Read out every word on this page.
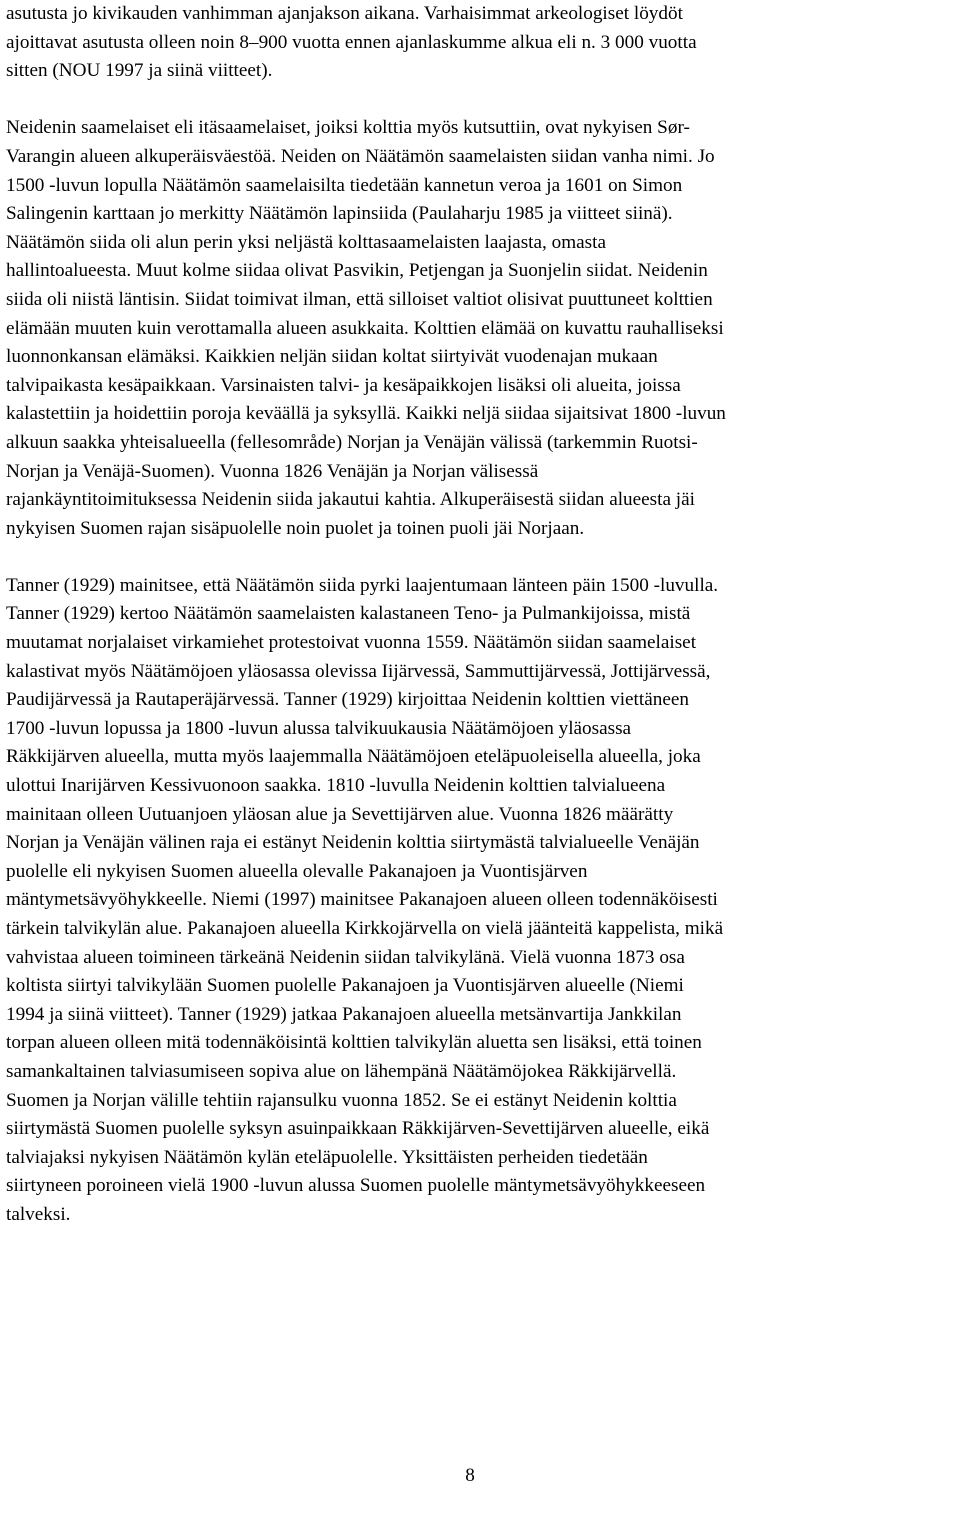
asutusta jo kivikauden vanhimman ajanjakson aikana. Varhaisimmat arkeologiset löydöt
ajoittavat asutusta olleen noin 8–900 vuotta ennen ajanlaskumme alkua eli n. 3 000 vuotta
sitten (NOU 1997 ja siinä viitteet).
Neidenin saamelaiset eli itäsaamelaiset, joiksi kolttia myös kutsuttiin, ovat nykyisen Sør-
Varangin alueen alkuperäisväestöä. Neiden on Näätämön saamelaisten siidan vanha nimi. Jo
1500 -luvun lopulla Näätämön saamelaisilta tiedetään kannetun veroa ja 1601 on Simon
Salingenin karttaan jo merkitty Näätämön lapinsiida (Paulaharju 1985 ja viitteet siinä).
Näätämön siida oli alun perin yksi neljästä kolttasaamelaisten laajasta, omasta
hallintoalueesta. Muut kolme siidaa olivat Pasvikin, Petjengan ja Suonjelin siidat. Neidenin
siida oli niistä läntisin. Siidat toimivat ilman, että silloiset valtiot olisivat puuttuneet kolttien
elämään muuten kuin verottamalla alueen asukkaita. Kolttien elämää on kuvattu rauhalliseksi
luonnonkansan elämäksi. Kaikkien neljän siidan koltat siirtyivät vuodenajan mukaan
talvipaikasta kesäpaikkaan. Varsinaisten talvi- ja kesäpaikkojen lisäksi oli alueita, joissa
kalastettiin ja hoidettiin poroja keväällä ja syksyllä. Kaikki neljä siidaa sijaitsivat 1800 -luvun
alkuun saakka yhteisalueella (fellesområde) Norjan ja Venäjän välissä (tarkemmin Ruotsi-
Norjan ja Venäjä-Suomen). Vuonna 1826 Venäjän ja Norjan välisessä
rajankäyntitoimituksessa Neidenin siida jakautui kahtia. Alkuperäisestä siidan alueesta jäi
nykyisen Suomen rajan sisäpuolelle noin puolet ja toinen puoli jäi Norjaan.
Tanner (1929) mainitsee, että Näätämön siida pyrki laajentumaan länteen päin 1500 -luvulla.
Tanner (1929) kertoo Näätämön saamelaisten kalastaneen Teno- ja Pulmankijoissa, mistä
muutamat norjalaiset virkamiehet protestoivat vuonna 1559. Näätämön siidan saamelaiset
kalastivat myös Näätämöjoen yläosassa olevissa Iijärvessä, Sammuttijärvessä, Jottijärvessä,
Paudijärvessä ja Rautaperäjärvessä. Tanner (1929) kirjoittaa Neidenin kolttien viettäneen
1700 -luvun lopussa ja 1800 -luvun alussa talvikuukausia Näätämöjoen yläosassa
Räkkijärven alueella, mutta myös laajemmalla Näätämöjoen eteläpuoleisella alueella, joka
ulottui Inarijärven Kessivuonoon saakka. 1810 -luvulla Neidenin kolttien talvialueena
mainitaan olleen Uutuanjoen yläosan alue ja Sevettijärven alue. Vuonna 1826 määrätty
Norjan ja Venäjän välinen raja ei estänyt Neidenin kolttia siirtymästä talvialueelle Venäjän
puolelle eli nykyisen Suomen alueella olevalle Pakanajoen ja Vuontisjärven
mäntymetsävyöhykkeelle. Niemi (1997) mainitsee Pakanajoen alueen olleen todennäköisesti
tärkein talvikylän alue. Pakanajoen alueella Kirkkojärvella on vielä jäänteitä kappelista, mikä
vahvistaa alueen toimineen tärkeänä Neidenin siidan talvikylänä. Vielä vuonna 1873 osa
koltista siirtyi talvikylään Suomen puolelle Pakanajoen ja Vuontisjärven alueelle (Niemi
1994 ja siinä viitteet). Tanner (1929) jatkaa Pakanajoen alueella metsänvartija Jankkilan
torpan alueen olleen mitä todennäköisintä kolttien talvikylän aluetta sen lisäksi, että toinen
samankaltainen talviasumiseen sopiva alue on lähempänä Näätämöjokea Räkkijärvellä.
Suomen ja Norjan välille tehtiin rajansulku vuonna 1852. Se ei estänyt Neidenin kolttia
siirtymästä Suomen puolelle syksyn asuinpaikkaan Räkkijärven-Sevettijärven alueelle, eikä
talviajaksi nykyisen Näätämön kylän eteläpuolelle. Yksittäisten perheiden tiedetään
siirtyneen poroineen vielä 1900 -luvun alussa Suomen puolelle mäntymetsävyöhykkeeseen
talveksi.
8
